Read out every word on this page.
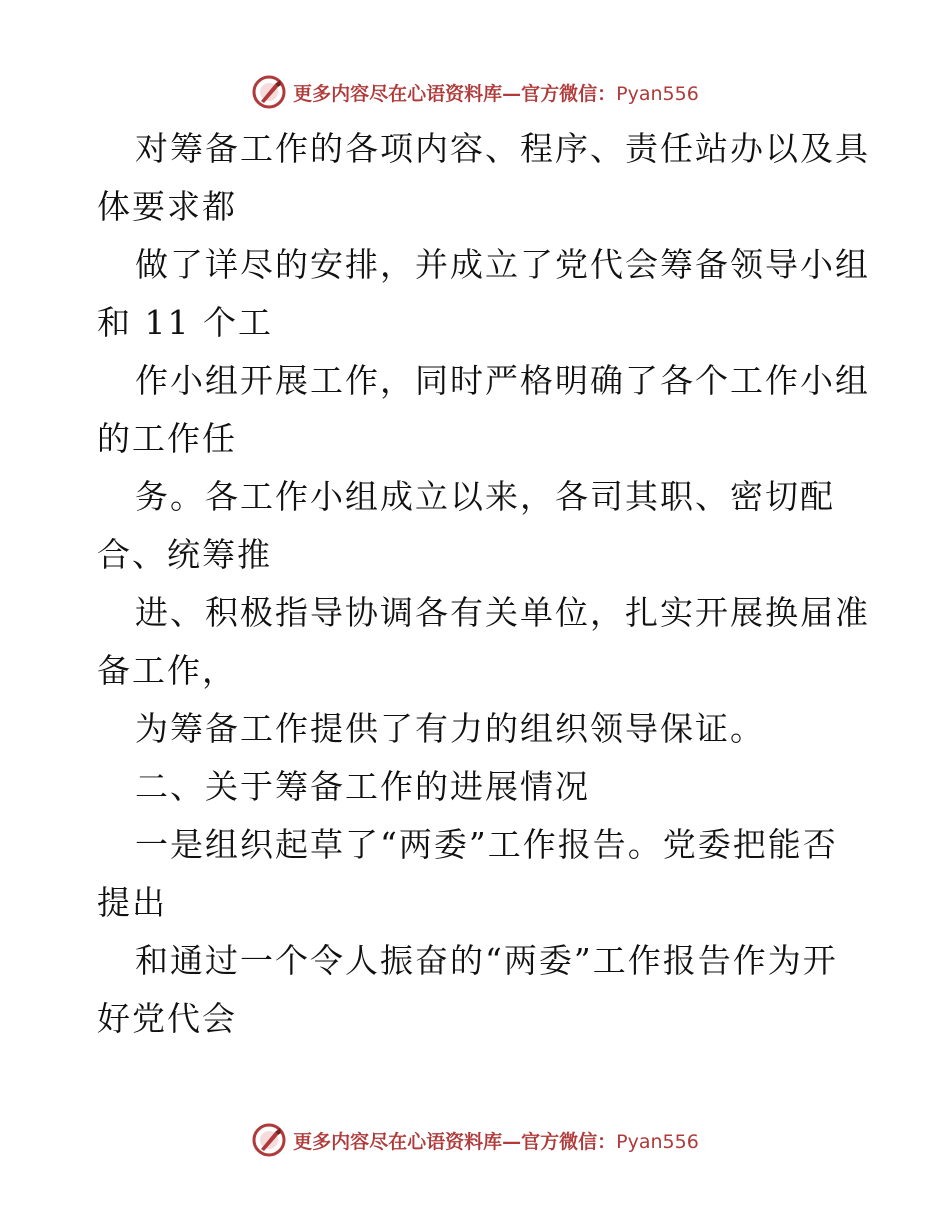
更多内容尽在心语资料库—官方微信：Pyan556
对筹备工作的各项内容、程序、责任站办以及具
体要求都
做了详尽的安排，并成立了党代会筹备领导小组
和 11 个工
作小组开展工作，同时严格明确了各个工作小组
的工作任
务。各工作小组成立以来，各司其职、密切配
合、统筹推
进、积极指导协调各有关单位，扎实开展换届准
备工作，
为筹备工作提供了有力的组织领导保证。
二、关于筹备工作的进展情况
一是组织起草了“两委”工作报告。党委把能否
提出
和通过一个令人振奋的“两委”工作报告作为开
好党代会
更多内容尽在心语资料库—官方微信：Pyan556
